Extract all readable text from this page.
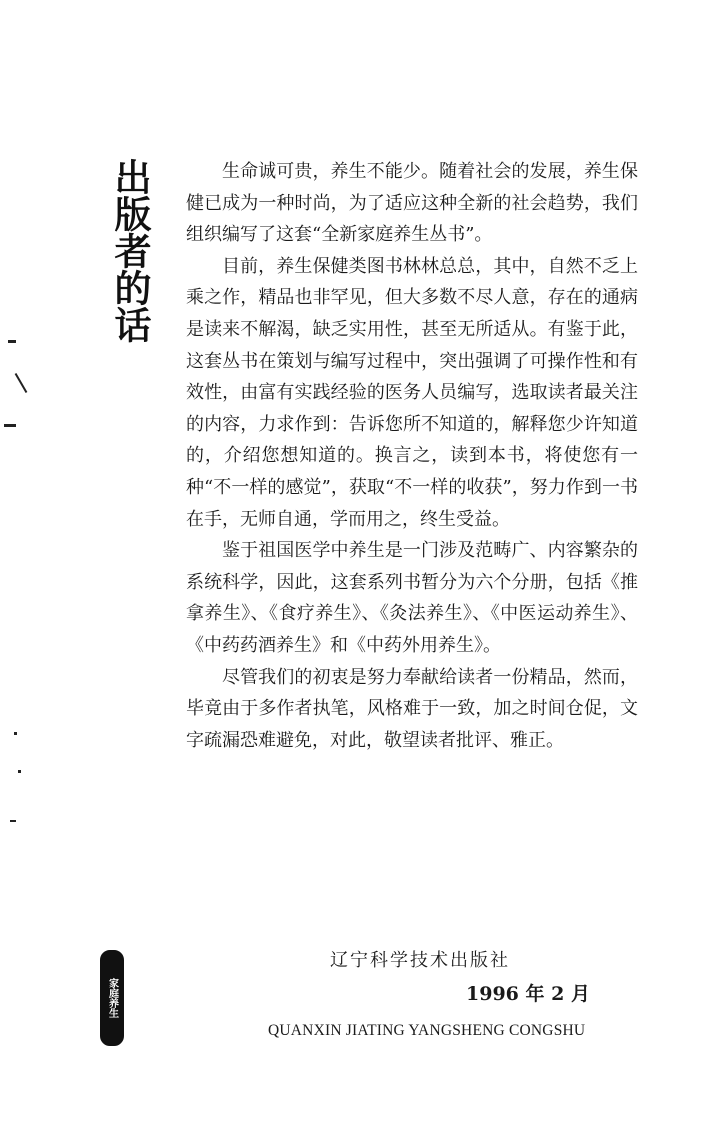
出版者的话	生命诚可贵，养生不能少。随着社会的发展，养生保健已成为一种时尚，为了适应这种全新的社会趋势，我们组织编写了这套“全新家庭养生丛书”。

目前，养生保健类图书林林总总，其中，自然不乏上乘之作，精品也非罕见，但大多数不尽人意，存在的通病是读来不解渴，缺乏实用性，甚至无所适从。有鉴于此，这套丛书在策划与编写过程中，突出强调了可操作性和有效性，由富有实践经验的医务人员编写，选取读者最关注的内容，力求作到：告诉您所不知道的，解释您少许知道的，介绍您想知道的。换言之，读到本书，将使您有一种“不一样的感觉”，获取“不一样的收获”，努力作到一书在手，无师自通，学而用之，终生受益。

鉴于祖国医学中养生是一门涉及范畴广、内容繁杂的系统科学，因此，这套系列书暂分为六个分册，包括《推拿养生》、《食疗养生》、《灸法养生》、《中医运动养生》、《中药药酒养生》和《中药外用养生》。

尽管我们的初衷是努力奉献给读者一份精品，然而，毕竟由于多作者执笔，风格难于一致，加之时间仓促，文字疏漏恐难避免，对此，敬望读者批评、雅正。

辽宁科学技术出版社
1996 年 2 月
QUANXIN JIATING YANGSHENG CONGSHU
家庭养生
